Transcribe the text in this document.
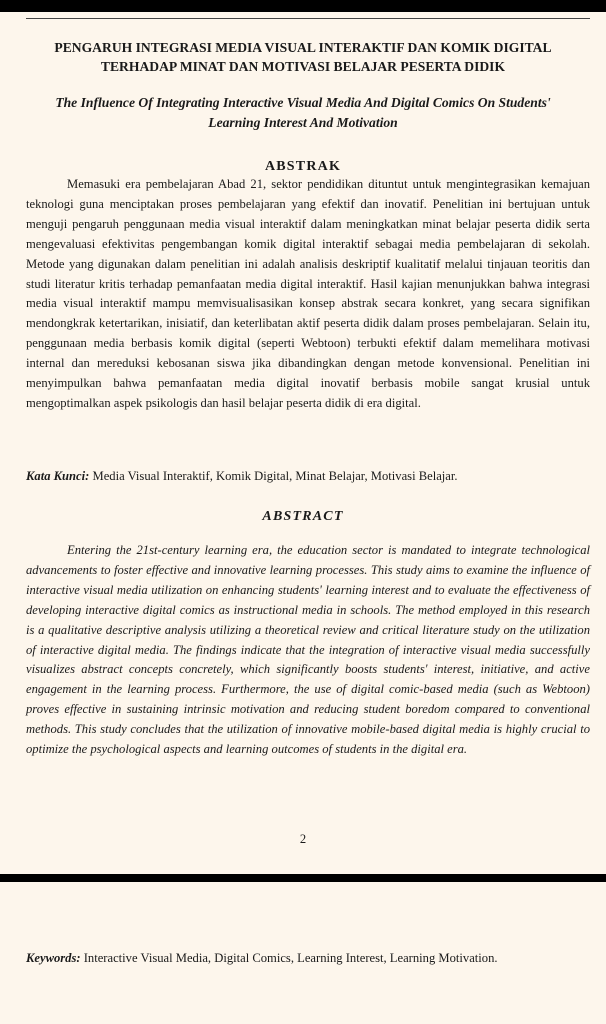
PENGARUH INTEGRASI MEDIA VISUAL INTERAKTIF DAN KOMIK DIGITAL TERHADAP MINAT DAN MOTIVASI BELAJAR PESERTA DIDIK
The Influence Of Integrating Interactive Visual Media And Digital Comics On Students' Learning Interest And Motivation
ABSTRAK

Memasuki era pembelajaran Abad 21, sektor pendidikan dituntut untuk mengintegrasikan kemajuan teknologi guna menciptakan proses pembelajaran yang efektif dan inovatif. Penelitian ini bertujuan untuk menguji pengaruh penggunaan media visual interaktif dalam meningkatkan minat belajar peserta didik serta mengevaluasi efektivitas pengembangan komik digital interaktif sebagai media pembelajaran di sekolah. Metode yang digunakan dalam penelitian ini adalah analisis deskriptif kualitatif melalui tinjauan teoritis dan studi literatur kritis terhadap pemanfaatan media digital interaktif. Hasil kajian menunjukkan bahwa integrasi media visual interaktif mampu memvisualisasikan konsep abstrak secara konkret, yang secara signifikan mendongkrak ketertarikan, inisiatif, dan keterlibatan aktif peserta didik dalam proses pembelajaran. Selain itu, penggunaan media berbasis komik digital (seperti Webtoon) terbukti efektif dalam memelihara motivasi internal dan mereduksi kebosanan siswa jika dibandingkan dengan metode konvensional. Penelitian ini menyimpulkan bahwa pemanfaatan media digital inovatif berbasis mobile sangat krusial untuk mengoptimalkan aspek psikologis dan hasil belajar peserta didik di era digital.

Kata Kunci: Media Visual Interaktif, Komik Digital, Minat Belajar, Motivasi Belajar.
ABSTRACT

Entering the 21st-century learning era, the education sector is mandated to integrate technological advancements to foster effective and innovative learning processes. This study aims to examine the influence of interactive visual media utilization on enhancing students' learning interest and to evaluate the effectiveness of developing interactive digital comics as instructional media in schools. The method employed in this research is a qualitative descriptive analysis utilizing a theoretical review and critical literature study on the utilization of interactive digital media. The findings indicate that the integration of interactive visual media successfully visualizes abstract concepts concretely, which significantly boosts students' interest, initiative, and active engagement in the learning process. Furthermore, the use of digital comic-based media (such as Webtoon) proves effective in sustaining intrinsic motivation and reducing student boredom compared to conventional methods. This study concludes that the utilization of innovative mobile-based digital media is highly crucial to optimize the psychological aspects and learning outcomes of students in the digital era.

2
Keywords: Interactive Visual Media, Digital Comics, Learning Interest, Learning Motivation.
